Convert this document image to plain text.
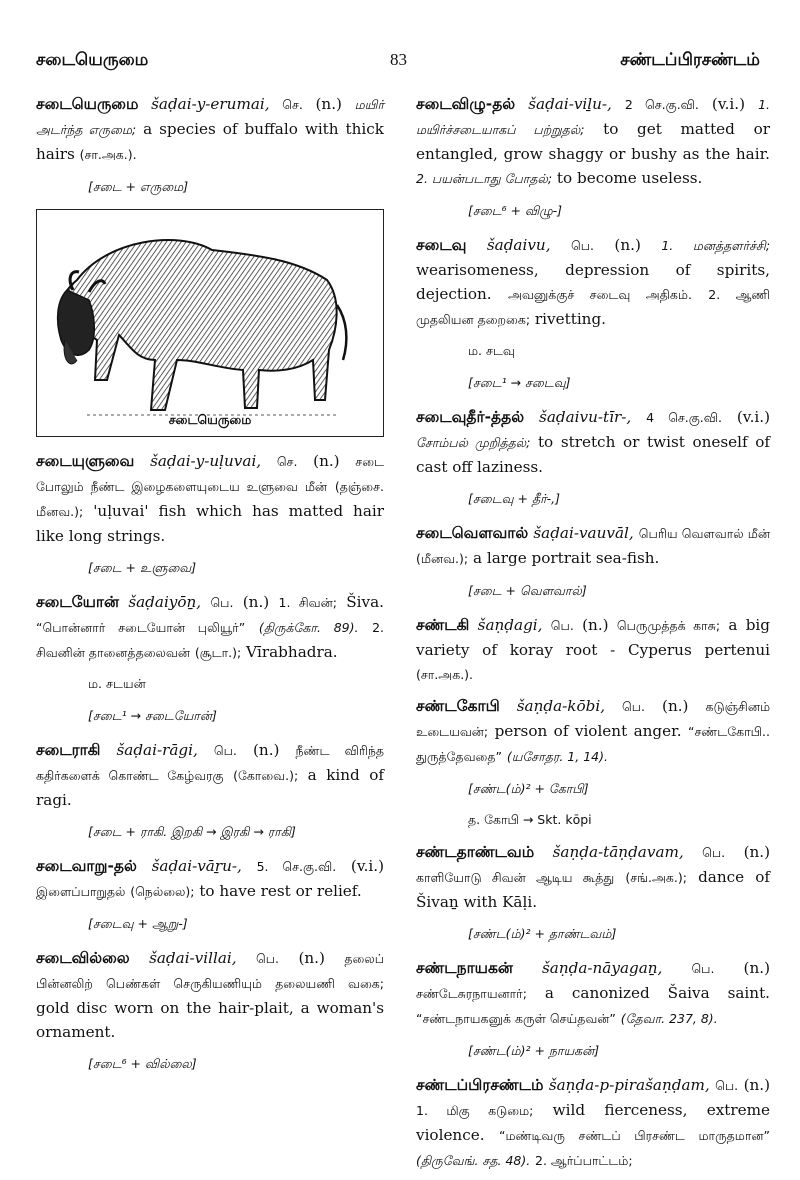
சடையெருமை	83	சண்டப்பிரசண்டம்
சடையெருமை šaḍai-y-erumai, செ. (n.) மயிர் அடர்ந்த எருமை; a species of buffalo with thick hairs (சா.அக.).
[சடை + எருமை]
சடையெருமை
சடையுளுவை šaḍai-y-uḷuvai, செ. (n.) சடை போலும் நீண்ட இழைகளையுடைய உளுவை மீன் (தஞ்சை. மீனவ.); 'uḷuvai' fish which has matted hair like long strings.
[சடை + உளுவை]
சடையோன் šaḍaiyōṉ, பெ. (n.) 1. சிவன்; Šiva. “பொன்னார் சடையோன் புலியூர்” (திருக்கோ. 89). 2. சிவனின் தானைத்தலைவன் (சூடா.); Vīrabhadra.
ம. சடயன்
[சடை¹ → சடையோன்]
சடைராகி šaḍai-rāgi, பெ. (n.) நீண்ட விரிந்த கதிர்களைக் கொண்ட கேழ்வரகு (கோவை.); a kind of ragi.
[சடை + ராகி. இறகி → இரகி → ராகி]
சடைவாறு-தல் šaḍai-vāṟu-, 5. செ.கு.வி. (v.i.) இளைப்பாறுதல் (நெல்லை); to have rest or relief.
[சடைவு + ஆறு-]
சடைவில்லை šaḍai-villai, பெ. (n.) தலைப் பின்னலிற் பெண்கள் செருகியணியும் தலையணி வகை; gold disc worn on the hair-plait, a woman's ornament.
[சடை⁶ + வில்லை]
சடைவிழு-தல் šaḍai-viḻu-, 2 செ.கு.வி. (v.i.) 1. மயிர்ச்சடையாகப் பற்றுதல்; to get matted or entangled, grow shaggy or bushy as the hair. 2. பயன்படாது போதல்; to become useless.
[சடை⁶ + விழு-]
சடைவு šaḍaivu, பெ. (n.) 1. மனத்தளர்ச்சி; wearisomeness, depression of spirits, dejection. அவனுக்குச் சடைவு அதிகம். 2. ஆணி முதலியன தறைகை; rivetting.
ம. சடவு
[சடை¹ → சடைவு]
சடைவுதீர்-த்தல் šaḍaivu-tīr-, 4 செ.கு.வி. (v.i.) சோம்பல் முறித்தல்; to stretch or twist oneself of cast off laziness.
[சடைவு + தீர்-,]
சடைவௌவால் šaḍai-vauvāl, பெரிய வெளவால் மீன் (மீனவ.); a large portrait sea-fish.
[சடை + வெளவால்]
சண்டகி šaṇḍagi, பெ. (n.) பெருமுத்தக் காசு; a big variety of koray root - Cyperus pertenui (சா.அக.).
சண்டகோபி šaṇḍa-kōbi, பெ. (n.) கடுஞ்சினம் உடையவன்; person of violent anger. “சண்டகோபி.. துருத்தேவதை” (யசோதர. 1, 14).
[சண்ட(ம்)² + கோபி]
த. கோபி → Skt. kōpi
சண்டதாண்டவம் šaṇḍa-tāṇḍavam, பெ. (n.) காளியோடு சிவன் ஆடிய கூத்து (சங்.அக.); dance of Šivaṉ with Kāḷi.
[சண்ட(ம்)² + தாண்டவம்]
சண்டநாயகன் šaṇḍa-nāyagaṉ, பெ. (n.) சண்டேசுரநாயனார்; a canonized Šaiva saint. “சண்டநாயகனுக் கருள் செய்தவன்” (தேவா. 237, 8).
[சண்ட(ம்)² + நாயகன்]
சண்டப்பிரசண்டம் šaṇḍa-p-pirašaṇḍam, பெ. (n.) 1. மிகு கடுமை; wild fierceness, extreme violence. “மண்டிவரு சண்டப் பிரசண்ட மாருதமான” (திருவேங். சத. 48). 2. ஆர்ப்பாட்டம்;
